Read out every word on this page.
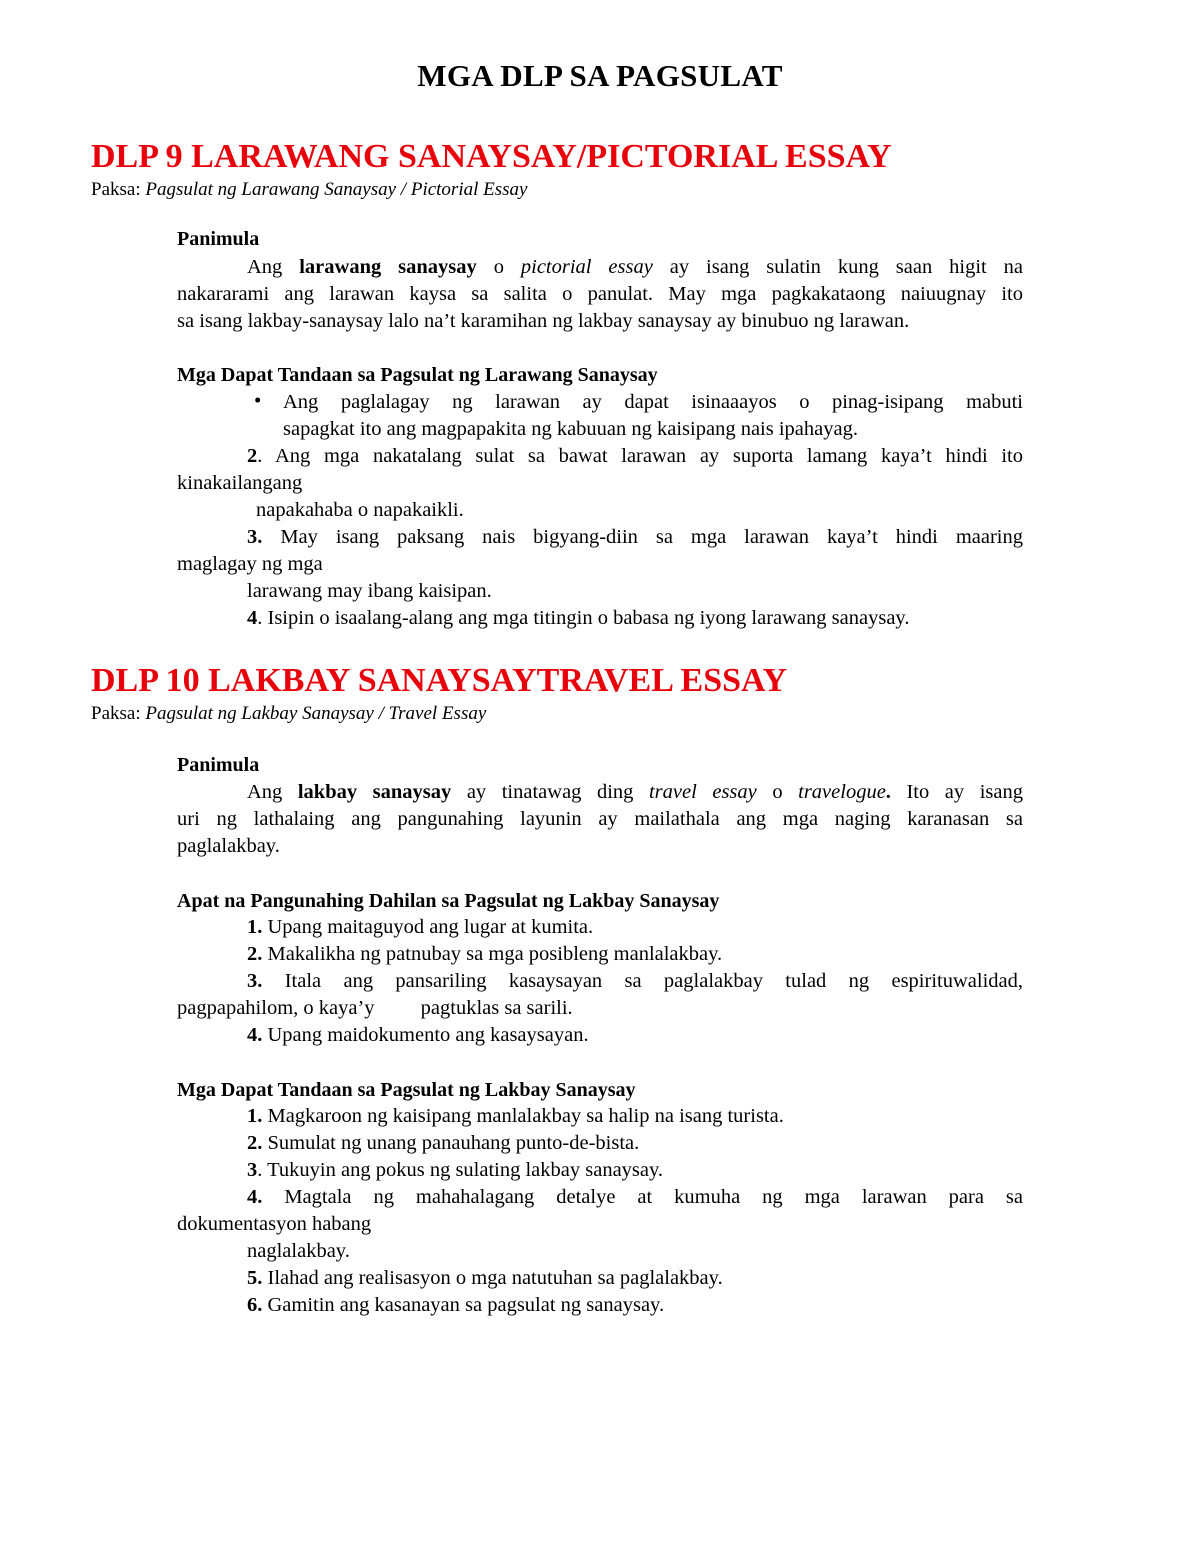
MGA DLP SA PAGSULAT
DLP 9 LARAWANG SANAYSAY/PICTORIAL ESSAY
Paksa: Pagsulat ng Larawang Sanaysay / Pictorial Essay
Panimula
Ang larawang sanaysay o pictorial essay ay isang sulatin kung saan higit na
nakararami ang larawan kaysa sa salita o panulat. May mga pagkakataong naiuugnay ito
sa isang lakbay-sanaysay lalo na’t karamihan ng lakbay sanaysay ay binubuo ng larawan.
Mga Dapat Tandaan sa Pagsulat ng Larawang Sanaysay
• Ang paglalagay ng larawan ay dapat isinaaayos o pinag-isipang mabuti
sapagkat ito ang magpapakita ng kabuuan ng kaisipang nais ipahayag.
2. Ang mga nakatalang sulat sa bawat larawan ay suporta lamang kaya’t hindi ito
kinakailangang
napakahaba o napakaikli.
3. May isang paksang nais bigyang-diin sa mga larawan kaya’t hindi maaring
maglagay ng mga
larawang may ibang kaisipan.
4. Isipin o isaalang-alang ang mga titingin o babasa ng iyong larawang sanaysay.
DLP 10 LAKBAY SANAYSAYTRAVEL ESSAY
Paksa: Pagsulat ng Lakbay Sanaysay / Travel Essay
Panimula
Ang lakbay sanaysay ay tinatawag ding travel essay o travelogue. Ito ay isang
uri ng lathalaing ang pangunahing layunin ay mailathala ang mga naging karanasan sa
paglalakbay.
Apat na Pangunahing Dahilan sa Pagsulat ng Lakbay Sanaysay
1. Upang maitaguyod ang lugar at kumita.
2. Makalikha ng patnubay sa mga posibleng manlalakbay.
3. Itala ang pansariling kasaysayan sa paglalakbay tulad ng espirituwalidad,
pagpapahilom, o kaya’y         pagtuklas sa sarili.
4. Upang maidokumento ang kasaysayan.
Mga Dapat Tandaan sa Pagsulat ng Lakbay Sanaysay
1. Magkaroon ng kaisipang manlalakbay sa halip na isang turista.
2. Sumulat ng unang panauhang punto-de-bista.
3. Tukuyin ang pokus ng sulating lakbay sanaysay.
4. Magtala ng mahahalagang detalye at kumuha ng mga larawan para sa
dokumentasyon habang
naglalakbay.
5. Ilahad ang realisasyon o mga natutuhan sa paglalakbay.
6. Gamitin ang kasanayan sa pagsulat ng sanaysay.
